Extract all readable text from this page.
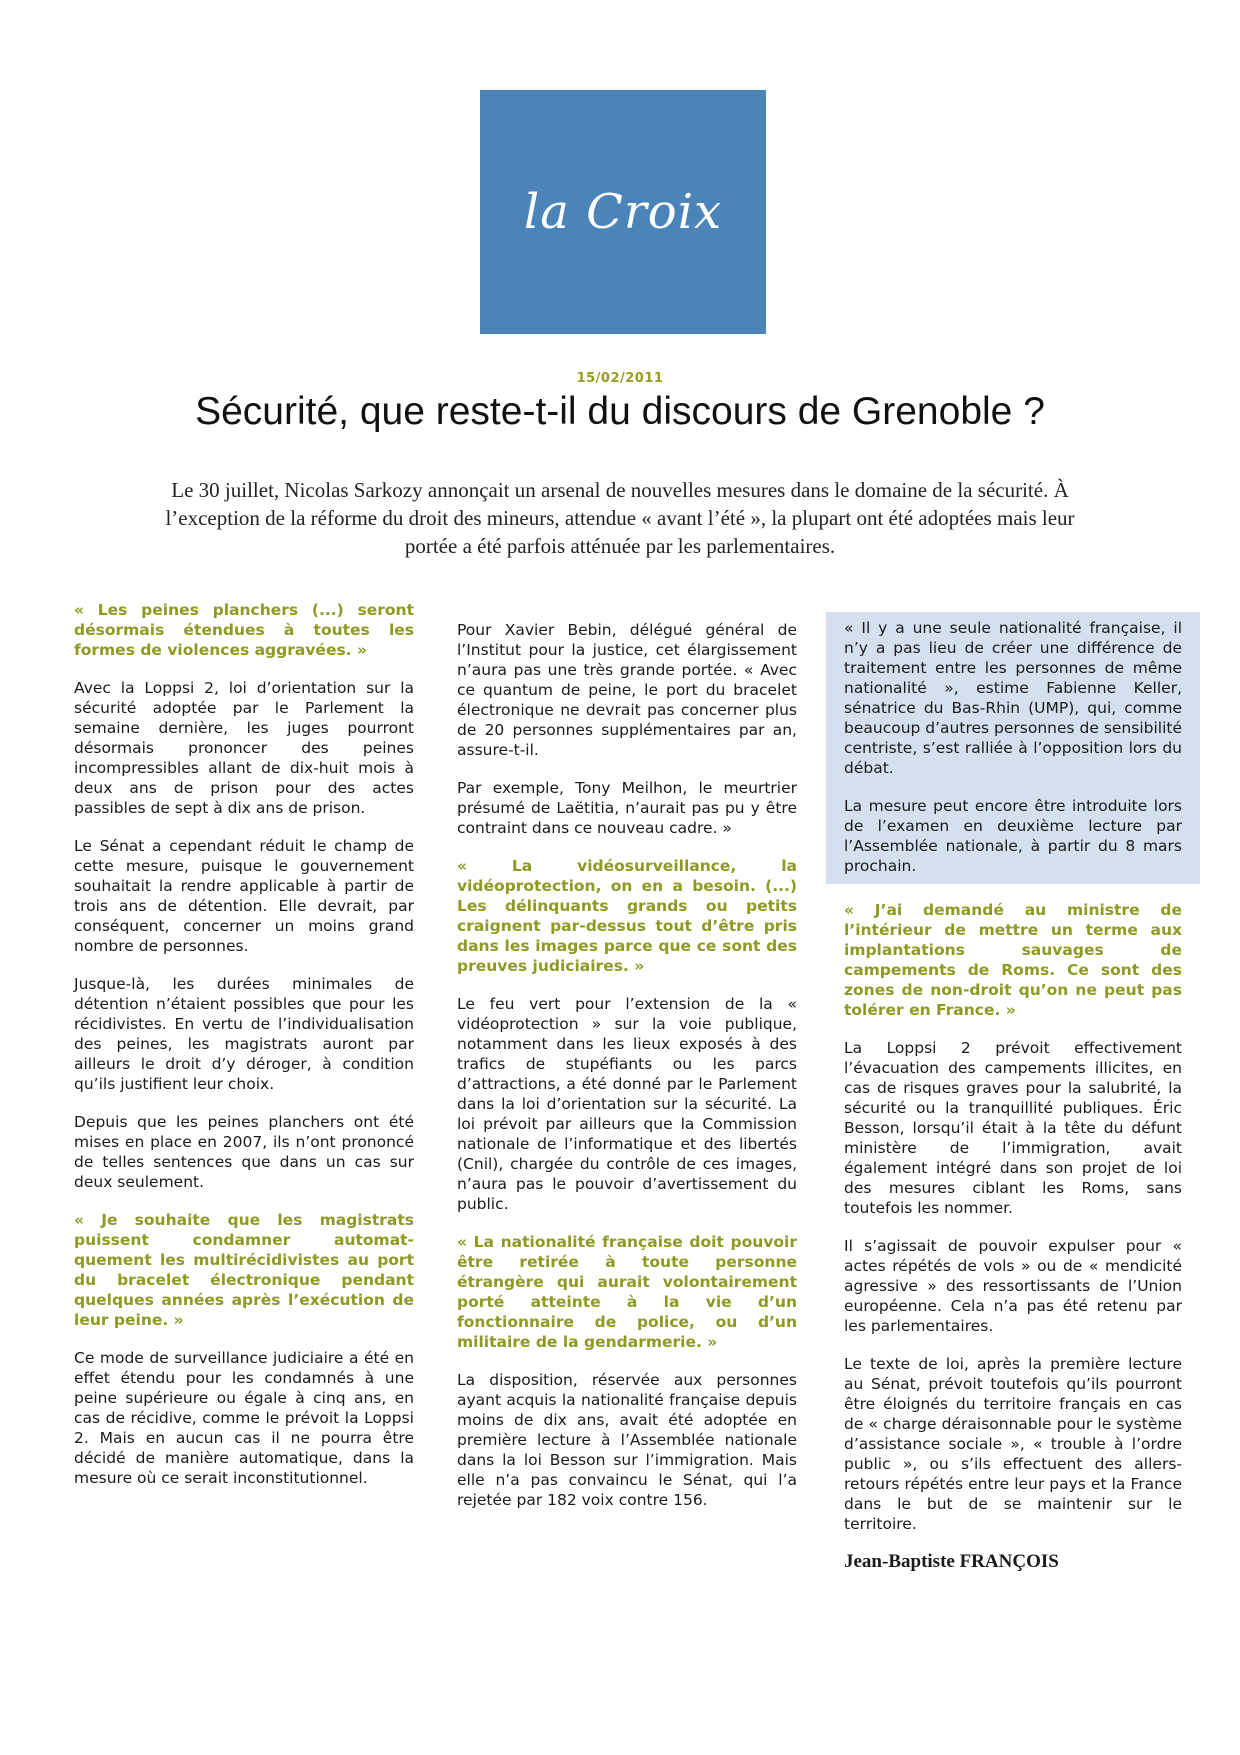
la Croix
15/02/2011
Sécurité, que reste-t-il du discours de Grenoble ?
Le 30 juillet, Nicolas Sarkozy annonçait un arsenal de nouvelles mesures dans le domaine de la sécurité. À l’exception de la réforme du droit des mineurs, attendue « avant l’été », la plupart ont été adoptées mais leur portée a été parfois atténuée par les parlementaires.

« Les peines planchers (...) seront désormais étendues à toutes les formes de violences aggravées. »

Avec la Loppsi 2, loi d’orientation sur la sécurité adoptée par le Parlement la semaine dernière, les juges pourront désormais prononcer des peines incompressibles allant de dix-huit mois à deux ans de prison pour des actes passibles de sept à dix ans de prison.

Le Sénat a cependant réduit le champ de cette mesure, puisque le gouvernement souhaitait la rendre applicable à partir de trois ans de détention. Elle devrait, par conséquent, concerner un moins grand nombre de personnes.

Jusque-là, les durées minimales de détention n’étaient possibles que pour les récidivistes. En vertu de l’individualisation des peines, les magistrats auront par ailleurs le droit d’y déroger, à condition qu’ils justifient leur choix.

Depuis que les peines planchers ont été mises en place en 2007, ils n’ont prononcé de telles sentences que dans un cas sur deux seulement.

« Je souhaite que les magistrats puissent condamner automat-quement les multirécidivistes au port du bracelet électronique pendant quelques années après l’exécution de leur peine. »

Ce mode de surveillance judiciaire a été en effet étendu pour les condamnés à une peine supérieure ou égale à cinq ans, en cas de récidive, comme le prévoit la Loppsi 2. Mais en aucun cas il ne pourra être décidé de manière automatique, dans la mesure où ce serait inconstitutionnel.

Pour Xavier Bebin, délégué général de l’Institut pour la justice, cet élargissement n’aura pas une très grande portée. « Avec ce quantum de peine, le port du bracelet électronique ne devrait pas concerner plus de 20 personnes supplémentaires par an, assure-t-il.

Par exemple, Tony Meilhon, le meurtrier présumé de Laëtitia, n’aurait pas pu y être contraint dans ce nouveau cadre. »

« La vidéosurveillance, la vidéoprotection, on en a besoin. (...) Les délinquants grands ou petits craignent par-dessus tout d’être pris dans les images parce que ce sont des preuves judiciaires. »

Le feu vert pour l’extension de la « vidéoprotection » sur la voie publique, notamment dans les lieux exposés à des trafics de stupéfiants ou les parcs d’attractions, a été donné par le Parlement dans la loi d’orientation sur la sécurité. La loi prévoit par ailleurs que la Commission nationale de l’informatique et des libertés (Cnil), chargée du contrôle de ces images, n’aura pas le pouvoir d’avertissement du public.

« La nationalité française doit pouvoir être retirée à toute personne étrangère qui aurait volontairement porté atteinte à la vie d’un fonctionnaire de police, ou d’un militaire de la gendarmerie. »

La disposition, réservée aux personnes ayant acquis la nationalité française depuis moins de dix ans, avait été adoptée en première lecture à l’Assemblée nationale dans la loi Besson sur l’immigration. Mais elle n’a pas convaincu le Sénat, qui l’a rejetée par 182 voix contre 156.

« Il y a une seule nationalité française, il n’y a pas lieu de créer une différence de traitement entre les personnes de même nationalité », estime Fabienne Keller, sénatrice du Bas-Rhin (UMP), qui, comme beaucoup d’autres personnes de sensibilité centriste, s’est ralliée à l’opposition lors du débat.

La mesure peut encore être introduite lors de l’examen en deuxième lecture par l’Assemblée nationale, à partir du 8 mars prochain.

« J’ai demandé au ministre de l’intérieur de mettre un terme aux implantations sauvages de campements de Roms. Ce sont des zones de non-droit qu’on ne peut pas tolérer en France. »

La Loppsi 2 prévoit effectivement l’évacuation des campements illicites, en cas de risques graves pour la salubrité, la sécurité ou la tranquillité publiques. Éric Besson, lorsqu’il était à la tête du défunt ministère de l’immigration, avait également intégré dans son projet de loi des mesures ciblant les Roms, sans toutefois les nommer.

Il s’agissait de pouvoir expulser pour « actes répétés de vols » ou de « mendicité agressive » des ressortissants de l’Union européenne. Cela n’a pas été retenu par les parlementaires.

Le texte de loi, après la première lecture au Sénat, prévoit toutefois qu’ils pourront être éloignés du territoire français en cas de « charge déraisonnable pour le système d’assistance sociale », « trouble à l’ordre public », ou s’ils effectuent des allers-retours répétés entre leur pays et la France dans le but de se maintenir sur le territoire.

Jean-Baptiste FRANÇOIS
